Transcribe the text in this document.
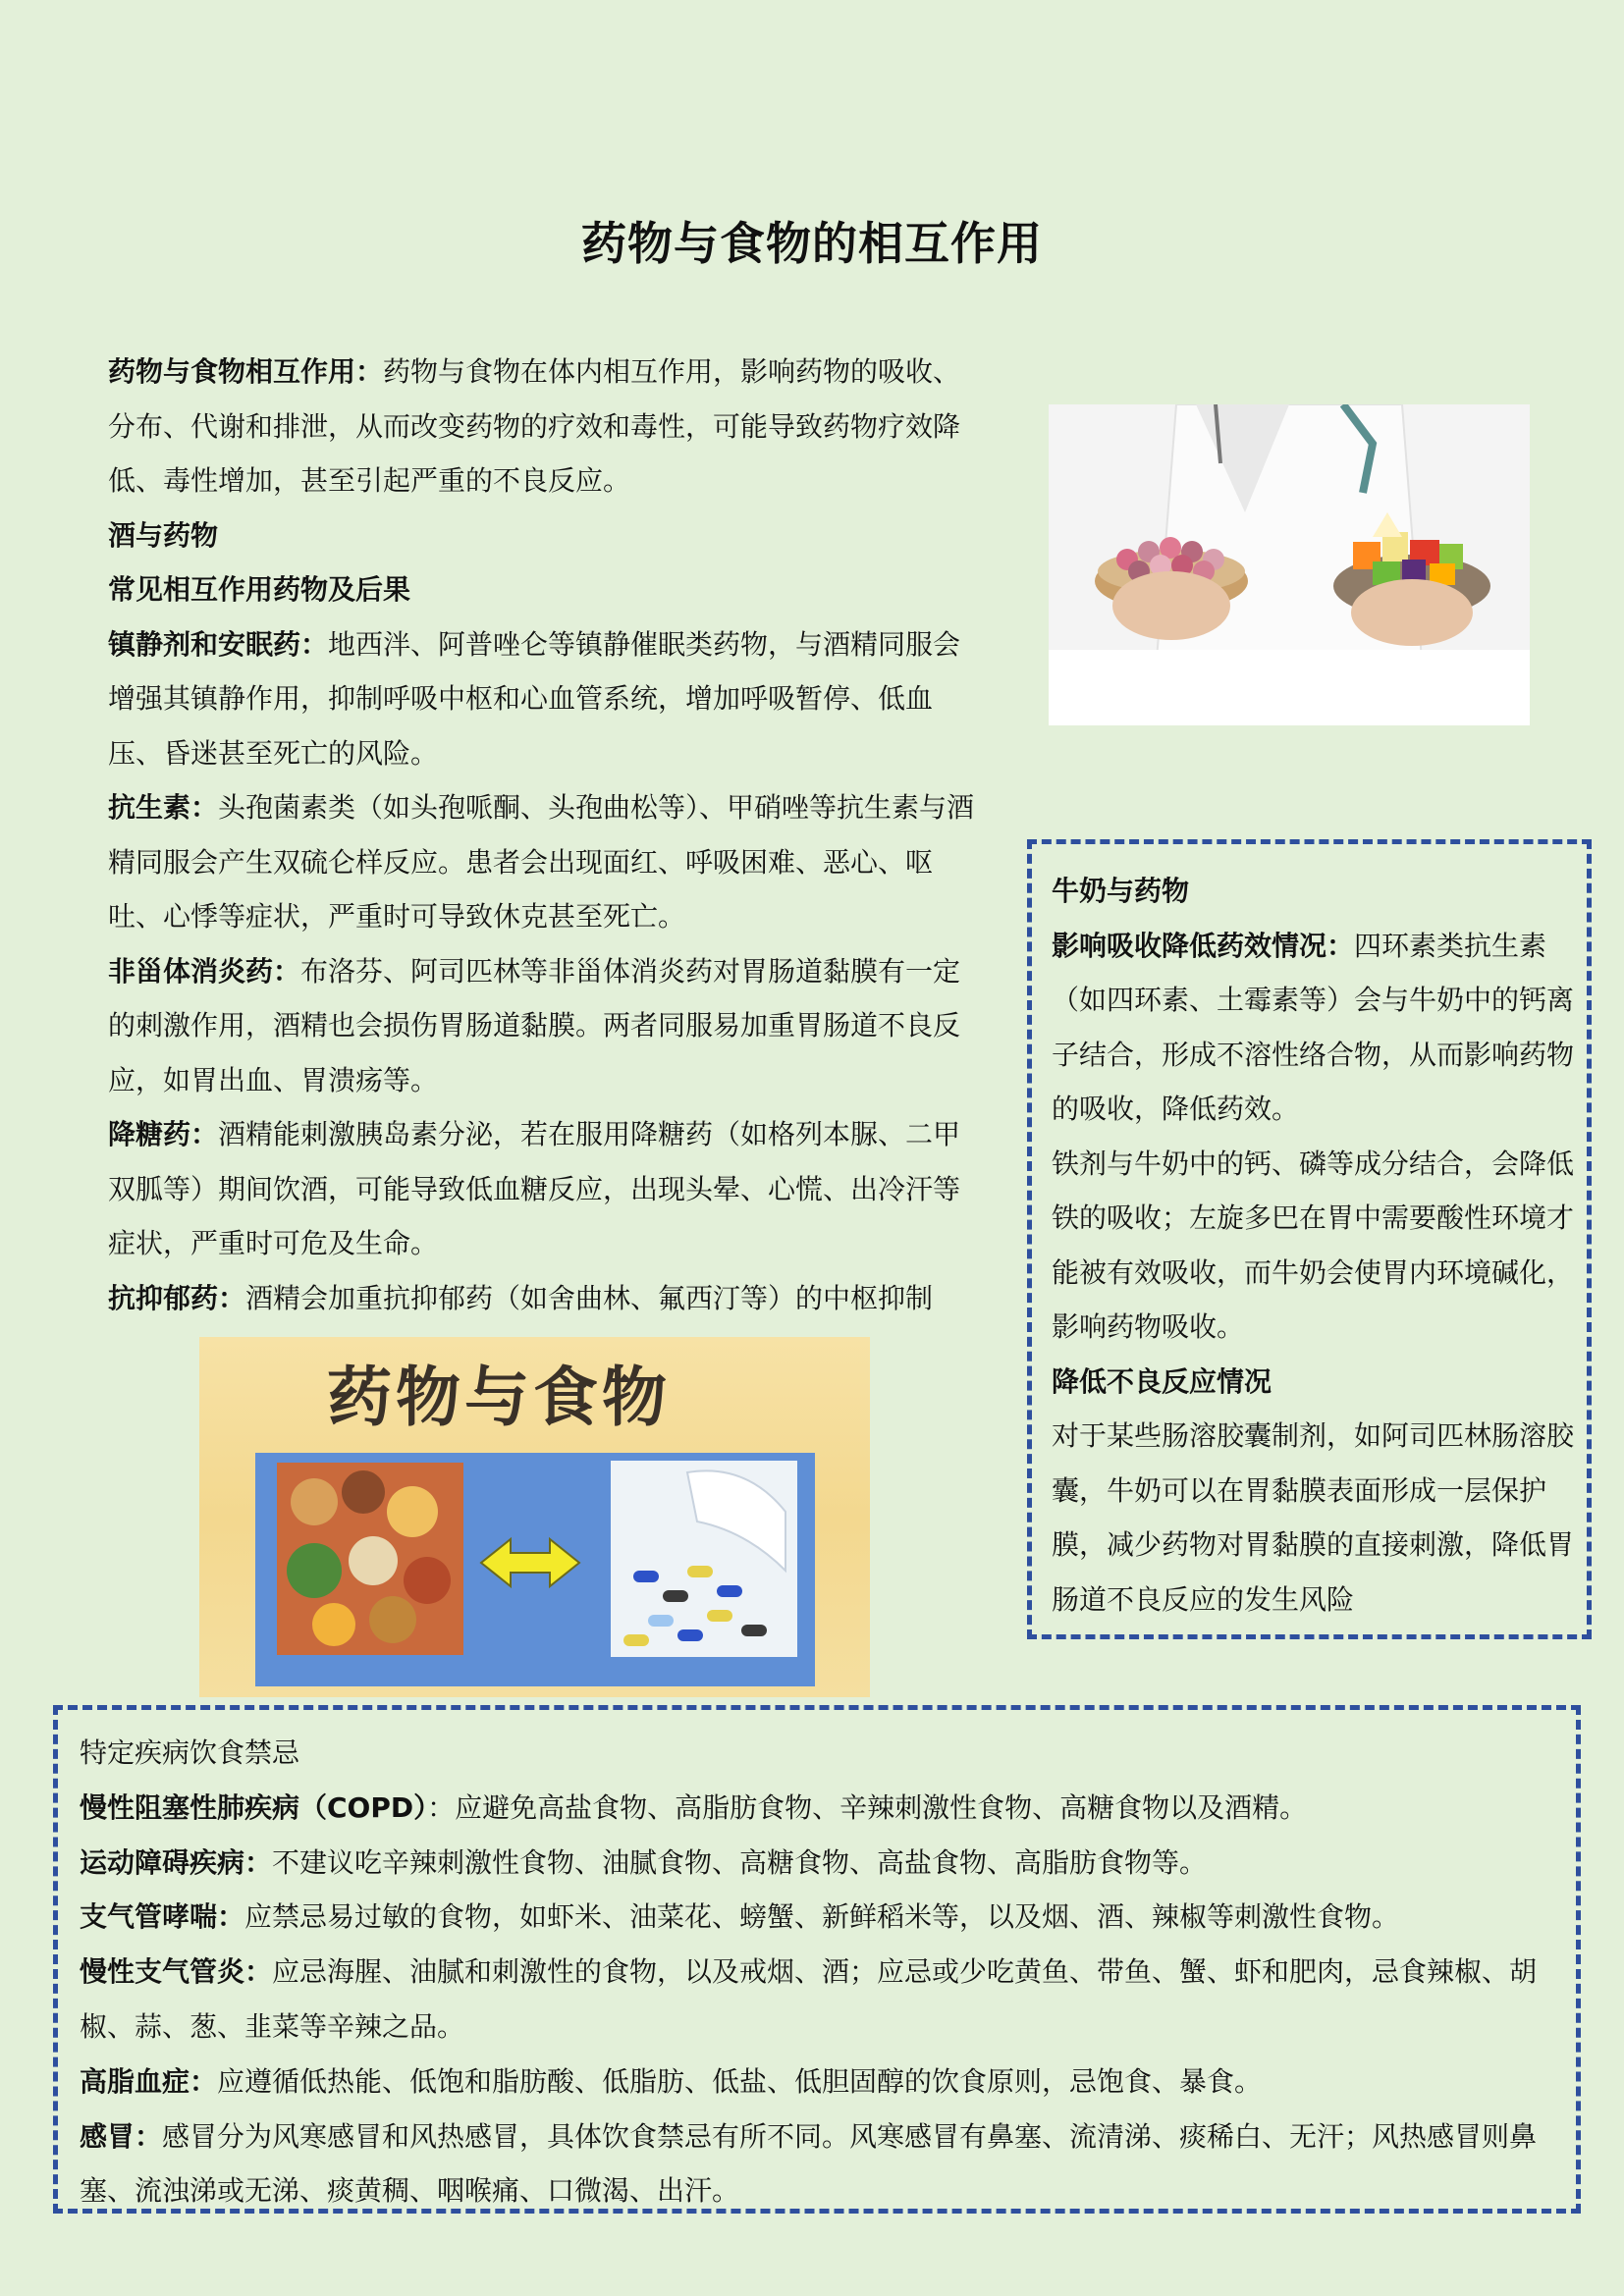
药物与食物的相互作用

药物与食物相互作用：药物与食物在体内相互作用，影响药物的吸收、分布、代谢和排泄，从而改变药物的疗效和毒性，可能导致药物疗效降低、毒性增加，甚至引起严重的不良反应。

酒与药物

常见相互作用药物及后果

镇静剂和安眠药：地西泮、阿普唑仑等镇静催眠类药物，与酒精同服会增强其镇静作用，抑制呼吸中枢和心血管系统，增加呼吸暂停、低血压、昏迷甚至死亡的风险。

抗生素：头孢菌素类（如头孢哌酮、头孢曲松等）、甲硝唑等抗生素与酒精同服会产生双硫仑样反应。患者会出现面红、呼吸困难、恶心、呕吐、心悸等症状，严重时可导致休克甚至死亡。

非甾体消炎药：布洛芬、阿司匹林等非甾体消炎药对胃肠道黏膜有一定的刺激作用，酒精也会损伤胃肠道黏膜。两者同服易加重胃肠道不良反应，如胃出血、胃溃疡等。

降糖药：酒精能刺激胰岛素分泌，若在服用降糖药（如格列本脲、二甲双胍等）期间饮酒，可能导致低血糖反应，出现头晕、心慌、出冷汗等症状，严重时可危及生命。

抗抑郁药：酒精会加重抗抑郁药（如舍曲林、氟西汀等）的中枢抑制

药物与食物

牛奶与药物

影响吸收降低药效情况：四环素类抗生素（如四环素、土霉素等）会与牛奶中的钙离子结合，形成不溶性络合物，从而影响药物的吸收，降低药效。

铁剂与牛奶中的钙、磷等成分结合，会降低铁的吸收；左旋多巴在胃中需要酸性环境才能被有效吸收，而牛奶会使胃内环境碱化，影响药物吸收。

降低不良反应情况

对于某些肠溶胶囊制剂，如阿司匹林肠溶胶囊，牛奶可以在胃黏膜表面形成一层保护膜，减少药物对胃黏膜的直接刺激，降低胃肠道不良反应的发生风险

特定疾病饮食禁忌

慢性阻塞性肺疾病（COPD）：应避免高盐食物、高脂肪食物、辛辣刺激性食物、高糖食物以及酒精。

运动障碍疾病：不建议吃辛辣刺激性食物、油腻食物、高糖食物、高盐食物、高脂肪食物等。

支气管哮喘：应禁忌易过敏的食物，如虾米、油菜花、螃蟹、新鲜稻米等，以及烟、酒、辣椒等刺激性食物。

慢性支气管炎：应忌海腥、油腻和刺激性的食物，以及戒烟、酒；应忌或少吃黄鱼、带鱼、蟹、虾和肥肉，忌食辣椒、胡椒、蒜、葱、韭菜等辛辣之品。

高脂血症：应遵循低热能、低饱和脂肪酸、低脂肪、低盐、低胆固醇的饮食原则，忌饱食、暴食。

感冒：感冒分为风寒感冒和风热感冒，具体饮食禁忌有所不同。风寒感冒有鼻塞、流清涕、痰稀白、无汗；风热感冒则鼻塞、流浊涕或无涕、痰黄稠、咽喉痛、口微渴、出汗。
